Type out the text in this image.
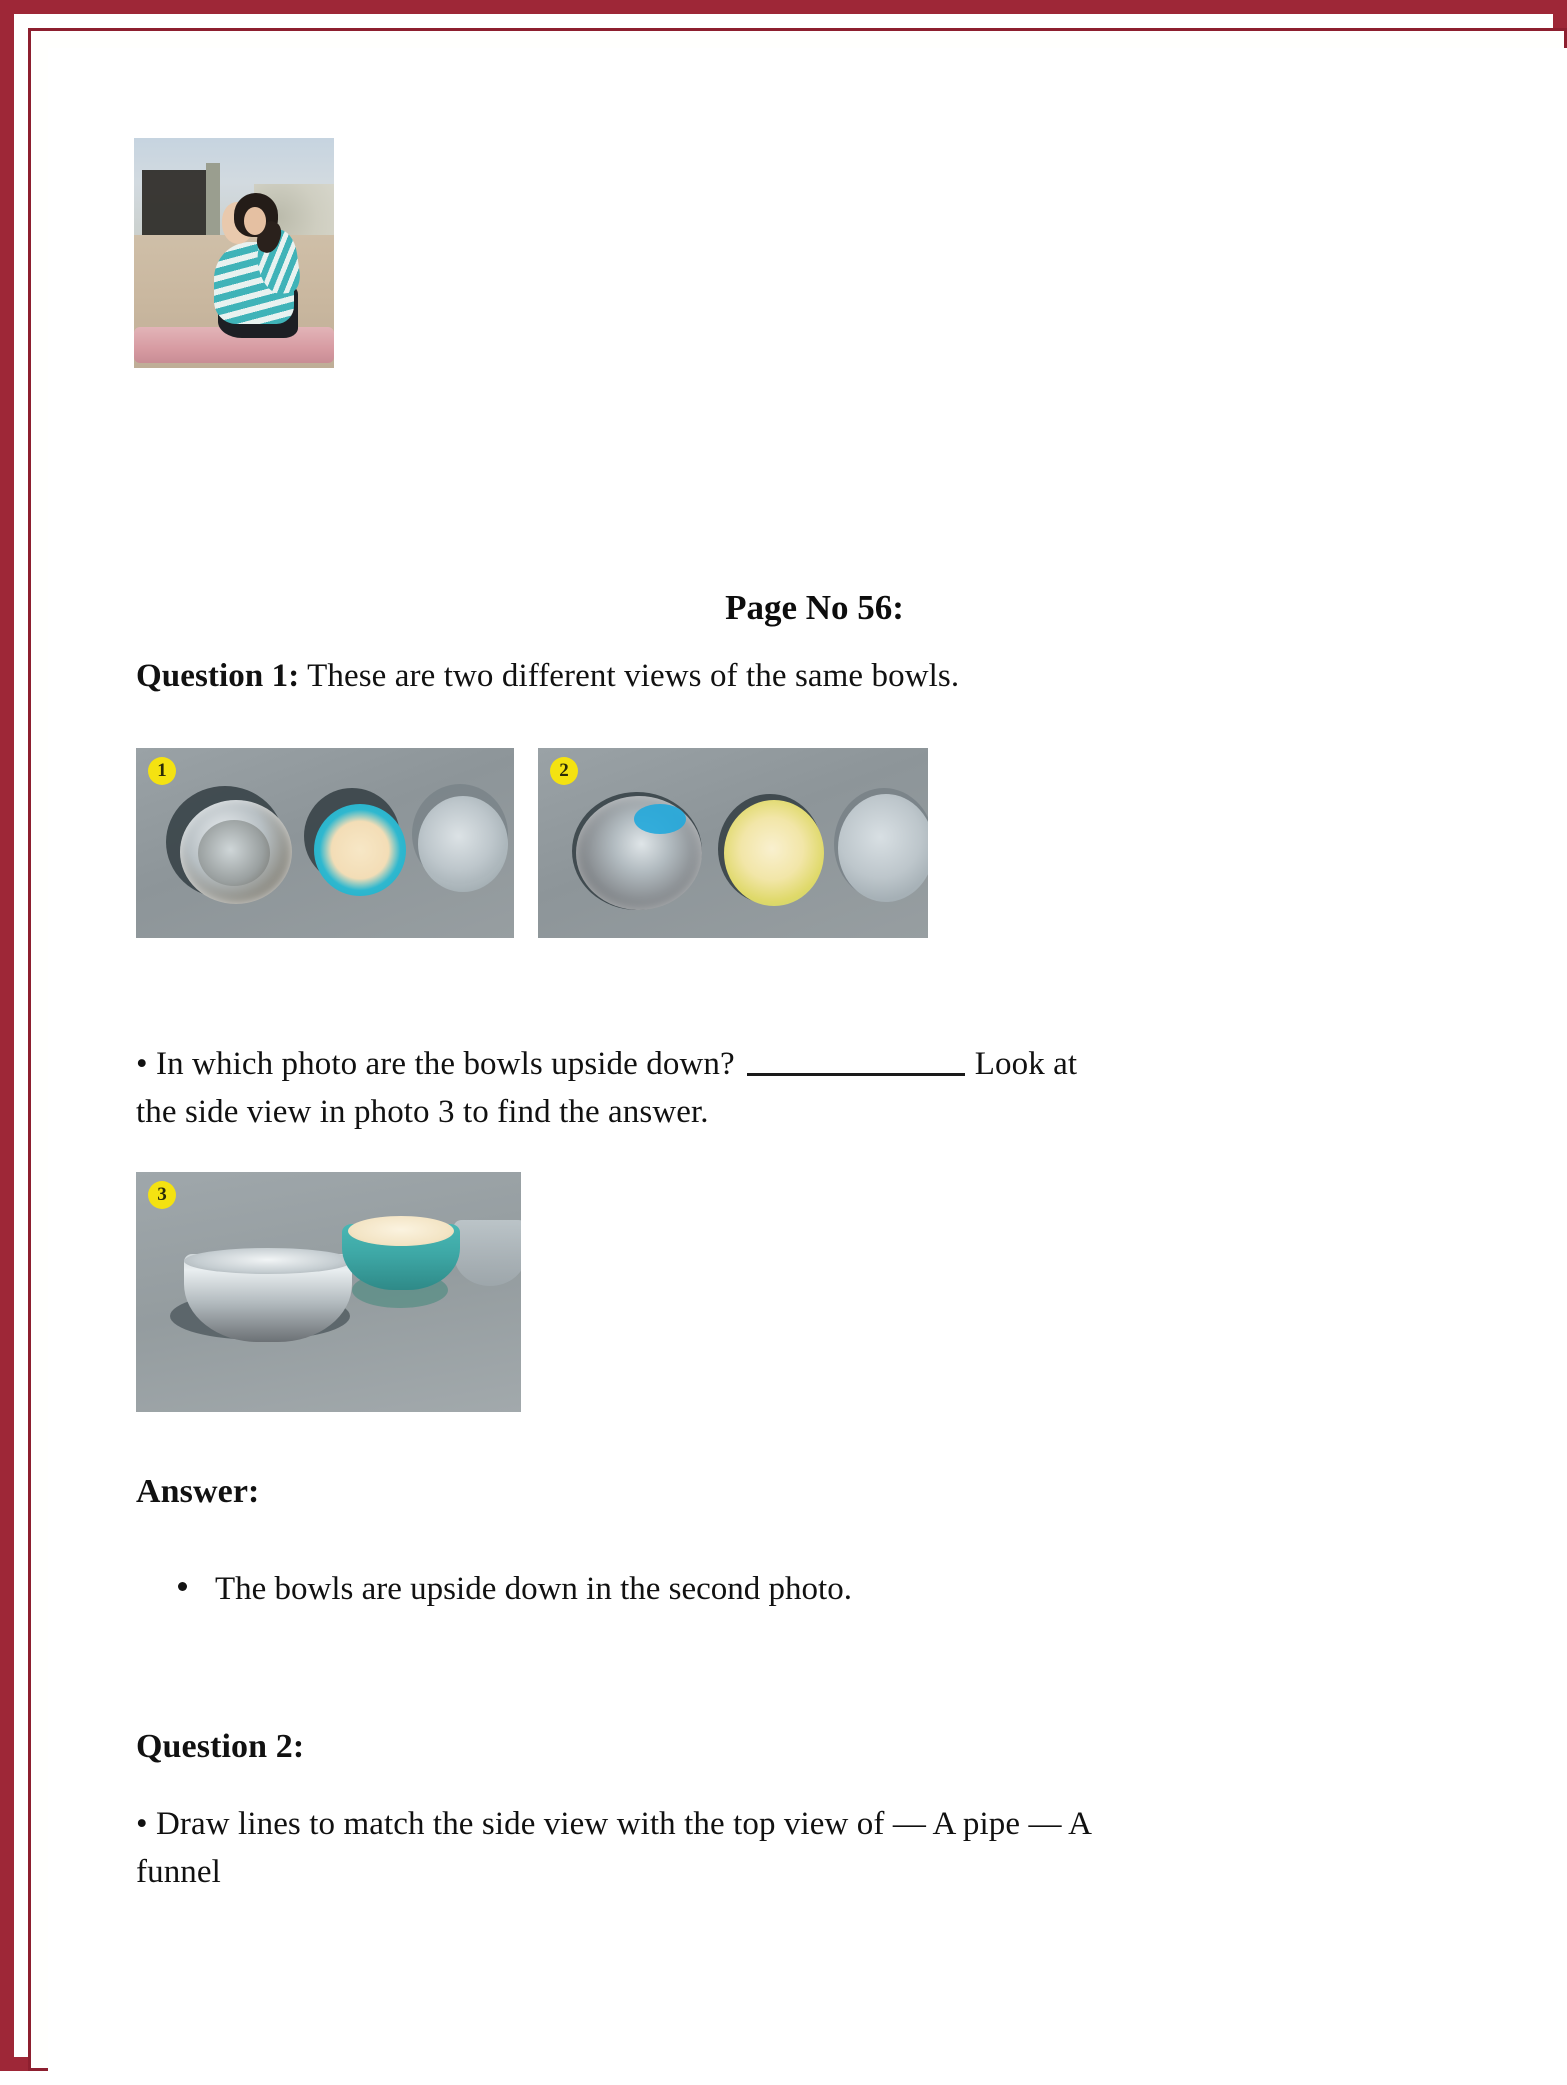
Page No 56:
Question 1: These are two different views of the same bowls.
1	2
• In which photo are the bowls upside down?	Look at
the side view in photo 3 to find the answer.
3
Answer:
The bowls are upside down in the second photo.
Question 2:
• Draw lines to match the side view with the top view of — A pipe — A
funnel
